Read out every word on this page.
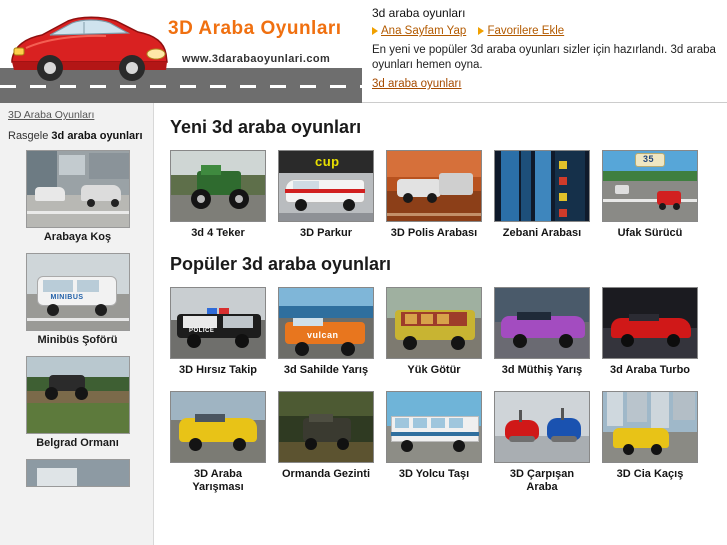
3D Araba Oyunları
www.3darabaoyunlari.com
3d araba oyunları
Ana Sayfam Yap Favorilere Ekle
En yeni ve popüler 3d araba oyunları sizler için hazırlandı. 3d araba oyunları hemen oyna.
3d araba oyunları
3D Araba Oyunları
Rasgele 3d araba oyunları
Arabaya Koş
MINIBUS
Minibüs Şoförü
Belgrad Ormanı
Yeni 3d araba oyunları
3d 4 Teker
cup
3D Parkur	3D Polis Arabası	Zebani Arabası
35
Ufak Sürücü
Popüler 3d araba oyunları
POLICE
3D Hırsız Takip
vulcan
3d Sahilde Yarış	Yük Götür	3d Müthiş Yarış	3d Araba Turbo
3D Araba Yarışması
Ormanda Gezinti	3D Yolcu Taşı	3D Çarpışan Araba
3D Cia Kaçış
